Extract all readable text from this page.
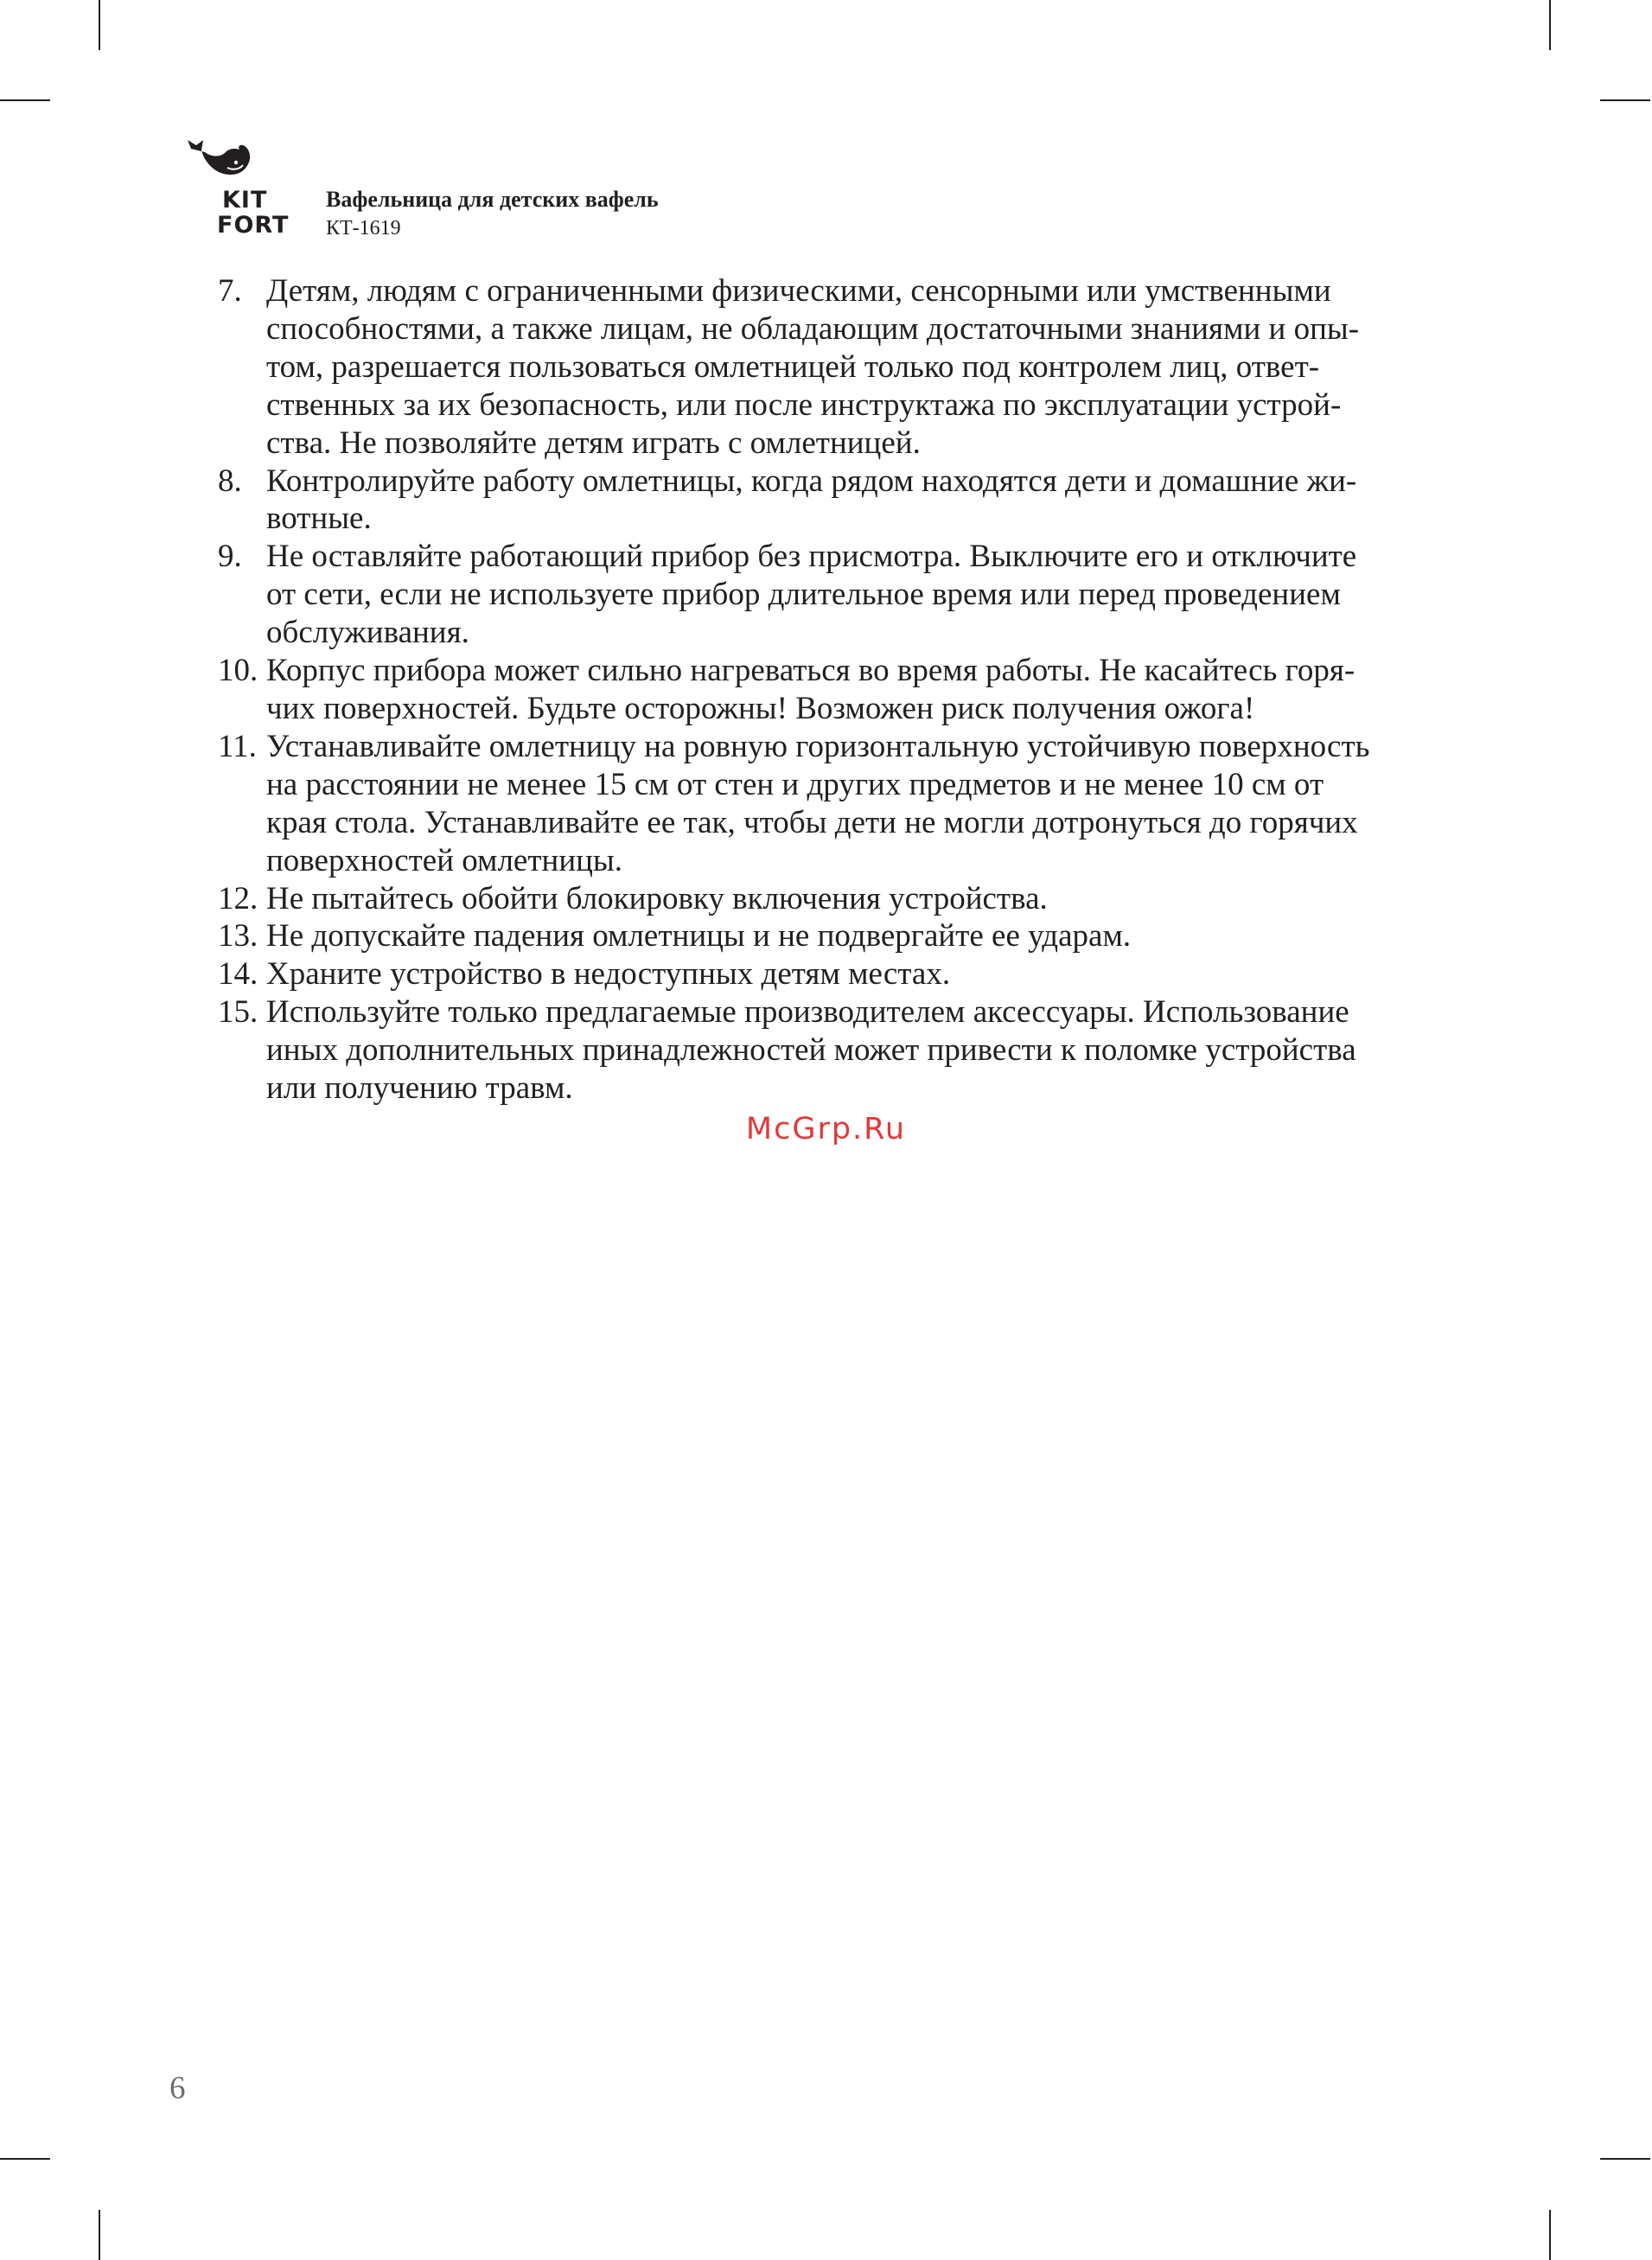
KIT
FORT
Вафельница для детских вафель
КТ-1619
7. Детям, людям с ограниченными физическими, сенсорными или умственными
способностями, а также лицам, не обладающим достаточными знаниями и опы-
том, разрешается пользоваться омлетницей только под контролем лиц, ответ-
ственных за их безопасность, или после инструктажа по эксплуатации устрой-
ства. Не позволяйте детям играть с омлетницей.
8. Контролируйте работу омлетницы, когда рядом находятся дети и домашние жи-
вотные.
9. Не оставляйте работающий прибор без присмотра. Выключите его и отключите
от сети, если не используете прибор длительное время или перед проведением
обслуживания.
10. Корпус прибора может сильно нагреваться во время работы. Не касайтесь горя-
чих поверхностей. Будьте осторожны! Возможен риск получения ожога!
11. Устанавливайте омлетницу на ровную горизонтальную устойчивую поверхность
на расстоянии не менее 15 см от стен и других предметов и не менее 10 см от
края стола. Устанавливайте ее так, чтобы дети не могли дотронуться до горячих
поверхностей омлетницы.
12. Не пытайтесь обойти блокировку включения устройства.
13. Не допускайте падения омлетницы и не подвергайте ее ударам.
14. Храните устройство в недоступных детям местах.
15. Используйте только предлагаемые производителем аксессуары. Использование
иных дополнительных принадлежностей может привести к поломке устройства
или получению травм.
McGrp.Ru
6
